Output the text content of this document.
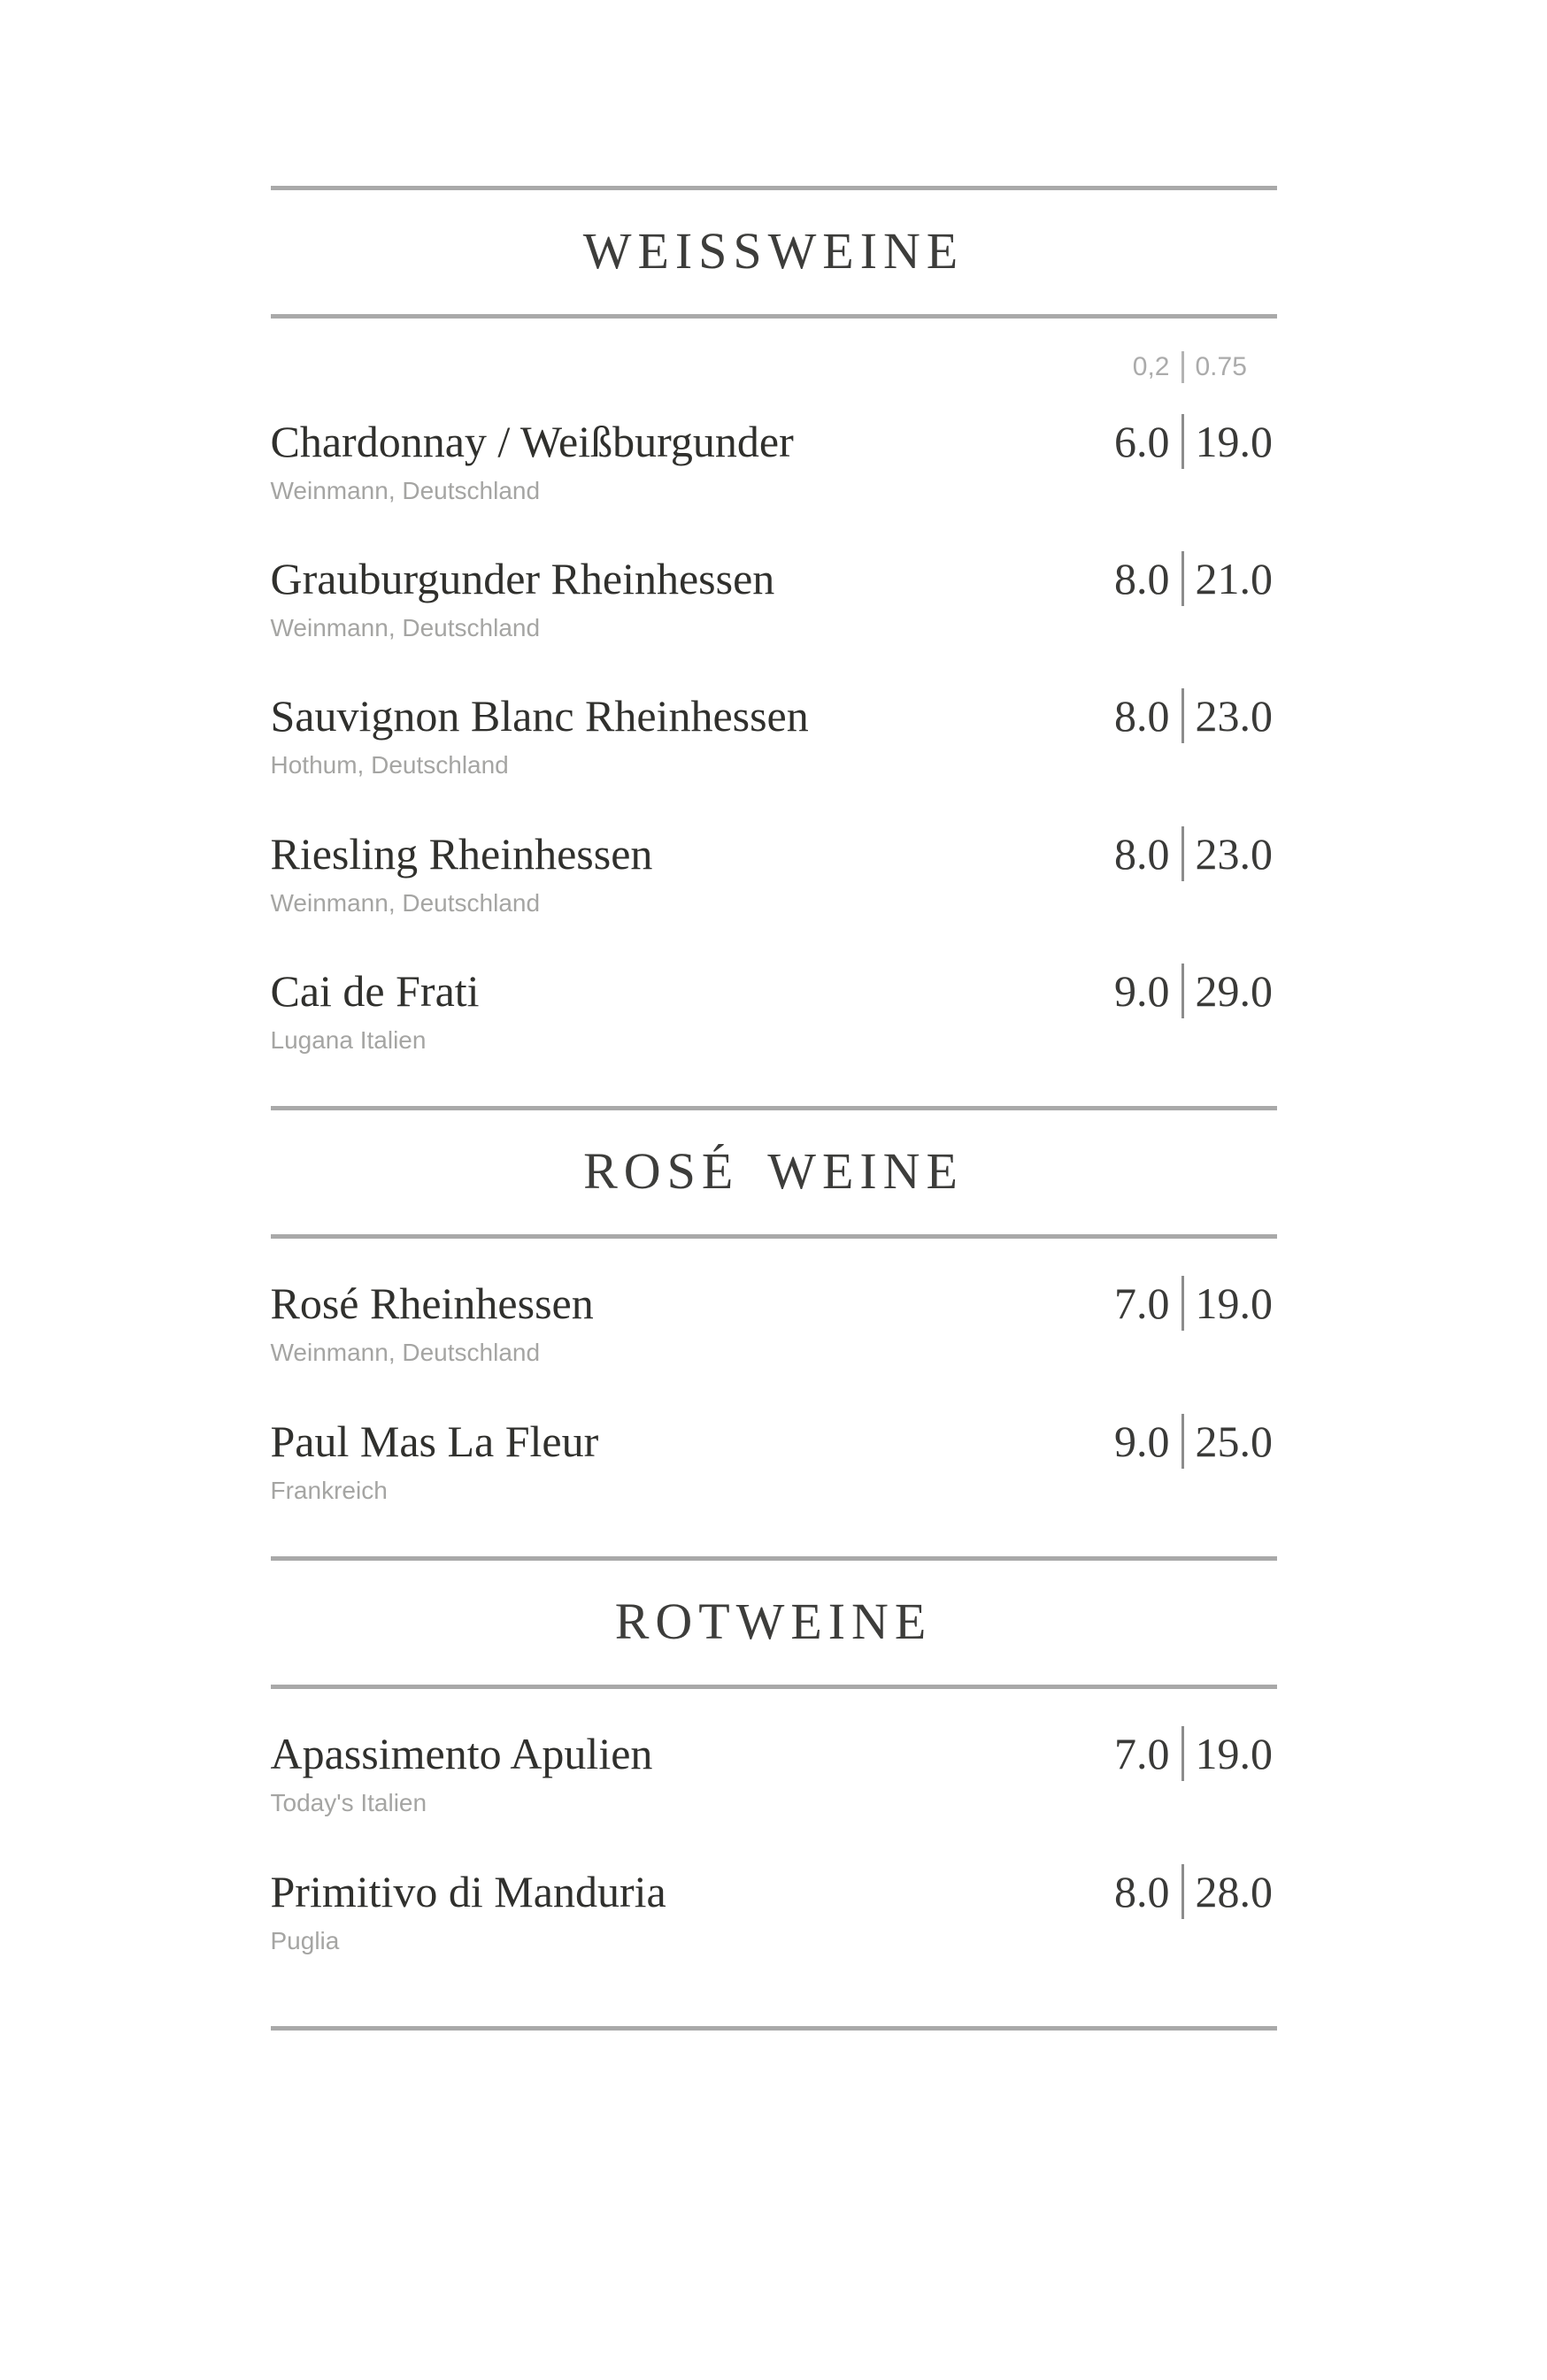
WEISSWEINE
0,2 0.75
Chardonnay / Weißburgunder
Weinmann, Deutschland
6.0 19.0
Grauburgunder Rheinhessen
Weinmann, Deutschland
8.0 21.0
Sauvignon Blanc Rheinhessen
Hothum, Deutschland
8.0 23.0
Riesling Rheinhessen
Weinmann, Deutschland
8.0 23.0
Cai de Frati
Lugana Italien
9.0 29.0
ROSÉ WEINE
Rosé Rheinhessen
Weinmann, Deutschland
7.0 19.0
Paul Mas La Fleur
Frankreich
9.0 25.0
ROTWEINE
Apassimento Apulien
Today's Italien
7.0 19.0
Primitivo di Manduria
Puglia
8.0 28.0
